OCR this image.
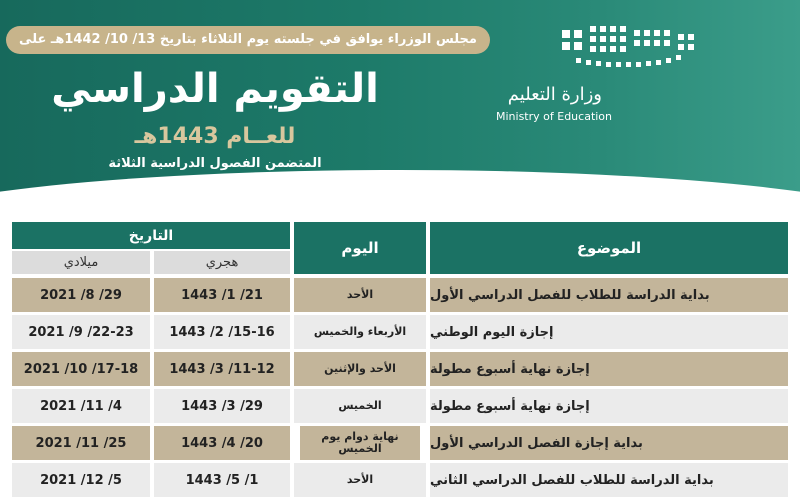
مجلس الوزراء يوافق في جلسته يوم الثلاثاء بتاريخ 13/ 10/ 1442هـ على
التقويم الدراسي
للعــام 1443هـ
المتضمن الفصول الدراسية الثلاثة
وزارة التعليم
Ministry of Education
الموضوع
اليوم
التاريخ
هجري
ميلادي
بداية الدراسة للطلاب للفصل الدراسي الأول
الأحد
21/ 1/ 1443
29/ 8/ 2021
إجازة اليوم الوطني
الأربعاء والخميس
15-16/ 2/ 1443
22-23/ 9/ 2021
إجازة نهاية أسبوع مطولة
الأحد والإثنين
11-12/ 3/ 1443
17-18/ 10/ 2021
إجازة نهاية أسبوع مطولة
الخميس
29/ 3/ 1443
4/ 11/ 2021
بداية إجازة الفصل الدراسي الأول
نهاية دوام يوم الخميس
20/ 4/ 1443
25/ 11/ 2021
بداية الدراسة للطلاب للفصل الدراسي الثاني
الأحد
1/ 5/ 1443
5/ 12/ 2021
